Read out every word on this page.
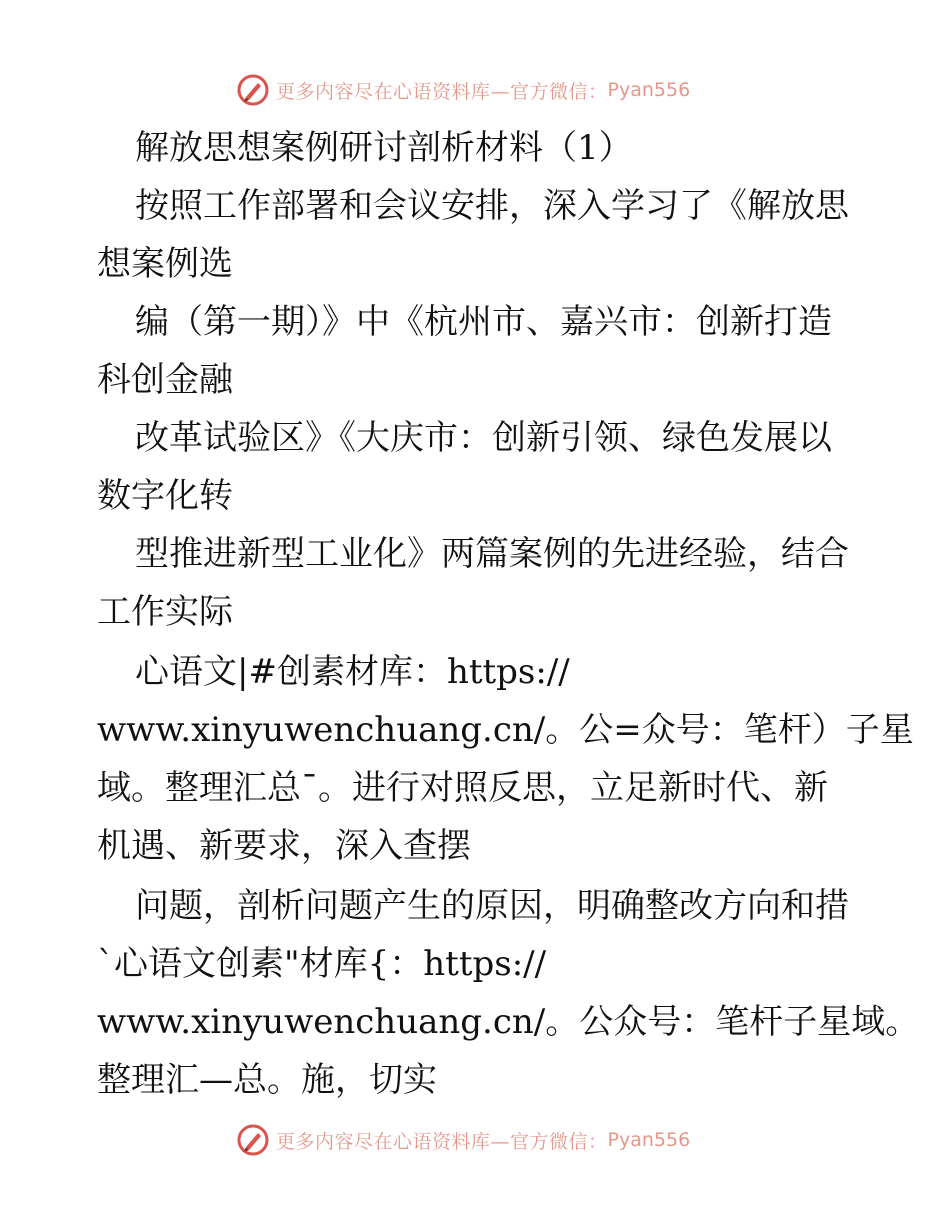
更多内容尽在心语资料库—官方微信： Pyan556

解放思想案例研讨剖析材料（1）

按照工作部署和会议安排，深入学习了《解放思

想案例选

编（第一期）》中《杭州市、嘉兴市：创新打造

科创金融

改革试验区》《大庆市：创新引领、绿色发展以

数字化转

型推进新型工业化》两篇案例的先进经验，结合

工作实际

心语文|#创素材库：https://

www.xinyuwenchuang.cn/。公=众号：笔杆）子星

域。整理汇总¯。进行对照反思，立足新时代、新

机遇、新要求，深入查摆

问题，剖析问题产生的原因，明确整改方向和措

`心语文创素"材库{：https://

www.xinyuwenchuang.cn/。公众号：笔杆子星域。

整理汇—总。施，切实

更多内容尽在心语资料库—官方微信： Pyan556
